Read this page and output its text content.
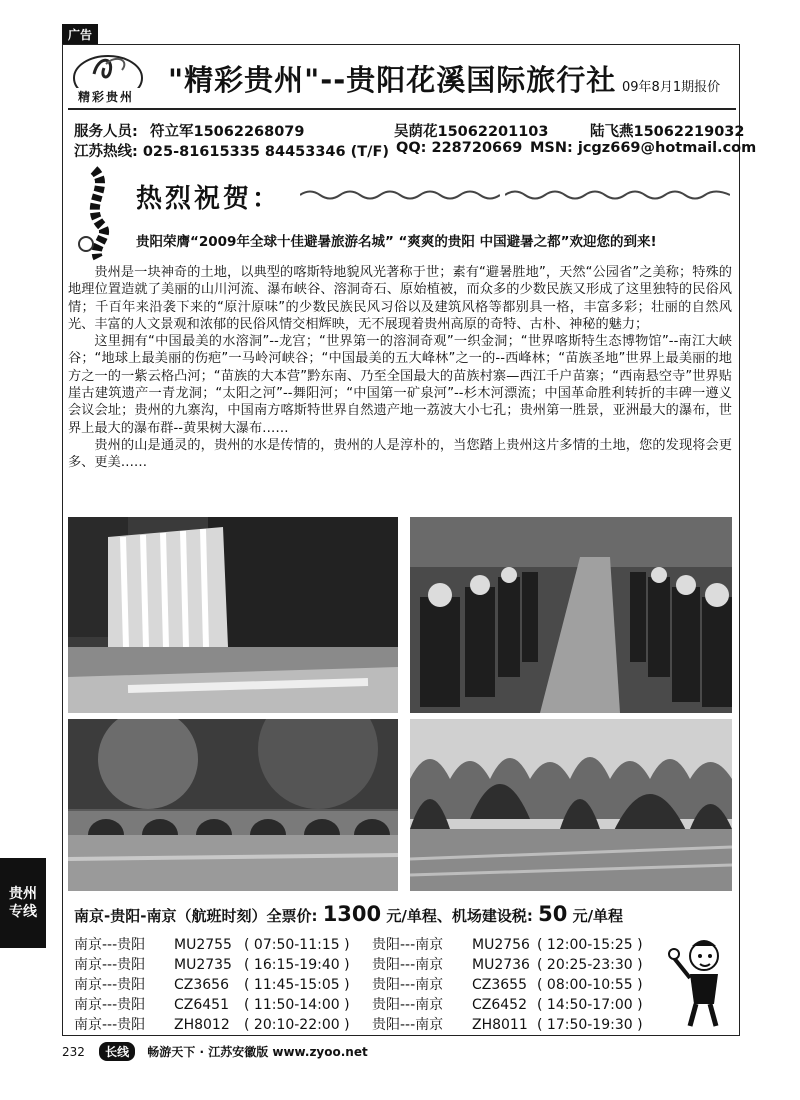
广告
精彩贵州 "精彩贵州"--贵阳花溪国际旅行社 09年8月1期报价
服务人员: 符立军15062268079	吴荫花15062201103	陆飞燕15062219032
江苏热线: 025-81615335 84453346 (T/F) QQ: 228720669 MSN: jcgz669@hotmail.com
热烈祝贺：
贵阳荣膺“2009年全球十佳避暑旅游名城” “爽爽的贵阳 中国避暑之都”欢迎您的到来!

贵州是一块神奇的土地，以典型的喀斯特地貌风光著称于世；素有“避暑胜地”，天然“公园省”之美称；特殊的地理位置造就了美丽的山川河流、瀑布峡谷、溶洞奇石、原始植被，而众多的少数民族又形成了这里独特的民俗风情；千百年来沿袭下来的“原汁原味”的少数民族民风习俗以及建筑风格等都别具一格，丰富多彩；壮丽的自然风光、丰富的人文景观和浓郁的民俗风情交相辉映，无不展现着贵州高原的奇特、古朴、神秘的魅力；

这里拥有“中国最美的水溶洞”--龙宫；“世界第一的溶洞奇观”一织金洞；“世界喀斯特生态博物馆”--南江大峡谷；“地球上最美丽的伤疤”一马岭河峡谷；“中国最美的五大峰林”之一的--西峰林；“苗族圣地”世界上最美丽的地方之一的一紫云格凸河；“苗族的大本营”黔东南、乃至全国最大的苗族村寨—西江千户苗寨；“西南悬空寺”世界贴崖古建筑遗产一青龙洞；“太阳之河”--舞阳河；“中国第一矿泉河”--杉木河漂流；中国革命胜利转折的丰碑一遵义会议会址；贵州的九寨沟，中国南方喀斯特世界自然遗产地一荔波大小七孔；贵州第一胜景，亚洲最大的瀑布，世界上最大的瀑布群--黄果树大瀑布……

贵州的山是通灵的，贵州的水是传情的，贵州的人是淳朴的，当您踏上贵州这片多情的土地，您的发现将会更多、更美……

贵州
专线 南京-贵阳-南京（航班时刻）全票价: 1300 元/单程、机场建设税: 50 元/单程
南京---贵阳 MU2755 ( 07:50-11:15 )
南京---贵阳 MU2735 ( 16:15-19:40 )
南京---贵阳 CZ3656 ( 11:45-15:05 )
南京---贵阳 CZ6451 ( 11:50-14:00 )
南京---贵阳 ZH8012 ( 20:10-22:00 )
贵阳---南京 MU2756 ( 12:00-15:25 )
贵阳---南京 MU2736 ( 20:25-23:30 )
贵阳---南京 CZ3655 ( 08:00-10:55 )
贵阳---南京 CZ6452 ( 14:50-17:00 )
贵阳---南京 ZH8011 ( 17:50-19:30 )
232 长线 畅游天下 · 江苏安徽版 www.zyoo.net
